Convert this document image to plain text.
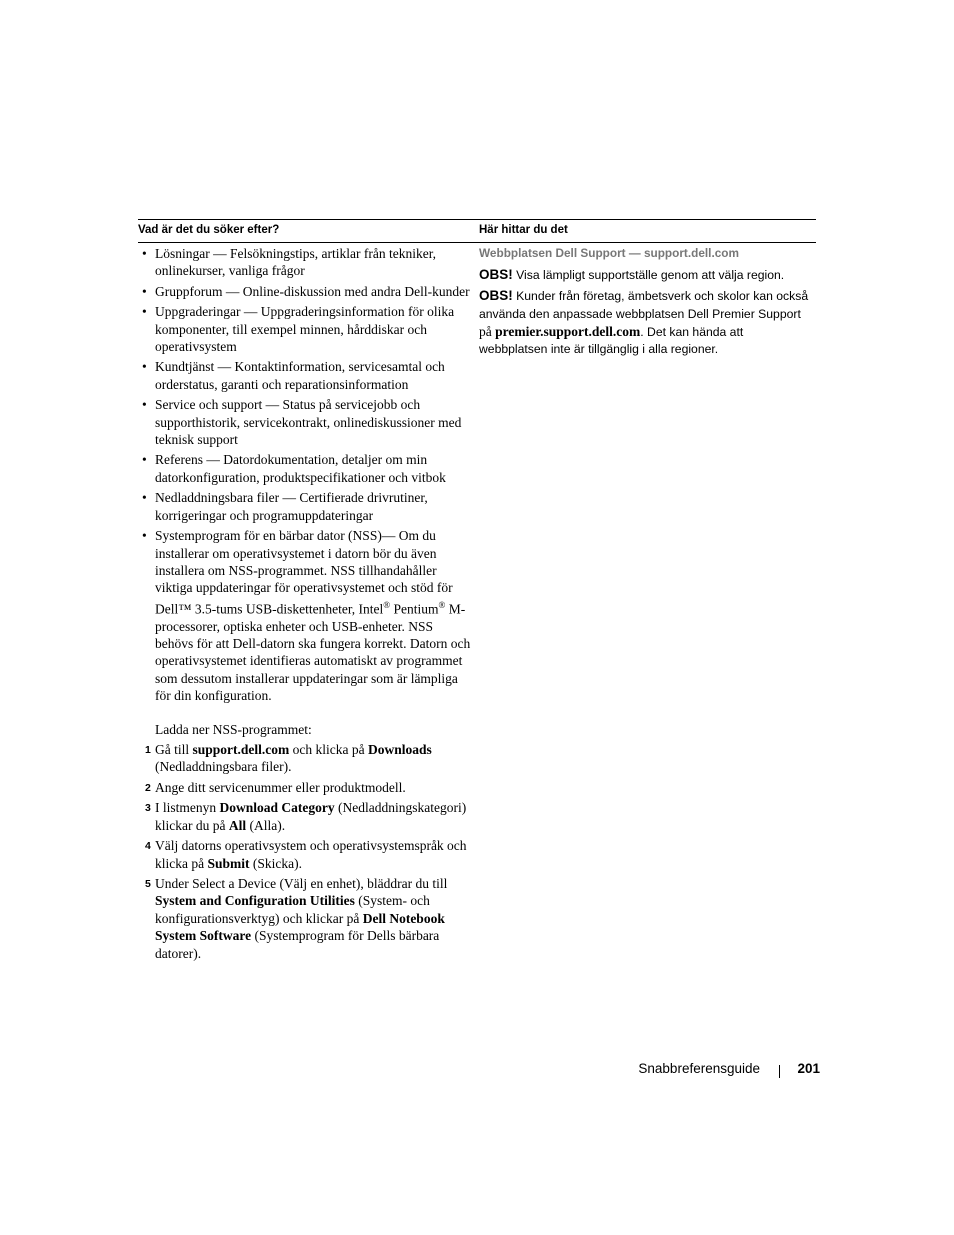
Vad är det du söker efter?	Här hittar du det
• Lösningar — Felsökningstips, artiklar från tekniker, onlinekurser, vanliga frågor
• Gruppforum — Online-diskussion med andra Dell-kunder
• Uppgraderingar — Uppgraderingsinformation för olika komponenter, till exempel minnen, hårddiskar och operativsystem
• Kundtjänst — Kontaktinformation, servicesamtal och orderstatus, garanti och reparationsinformation
• Service och support — Status på servicejobb och supporthistorik, servicekontrakt, onlinediskussioner med teknisk support
• Referens — Datordokumentation, detaljer om min datorkonfiguration, produktspecifikationer och vitbok
• Nedladdningsbara filer — Certifierade drivrutiner, korrigeringar och programuppdateringar
• Systemprogram för en bärbar dator (NSS)— Om du installerar om operativsystemet i datorn bör du även installera om NSS-programmet. NSS tillhandahåller viktiga uppdateringar för operativsystemet och stöd för Dell™ 3.5-tums USB-diskettenheter, Intel® Pentium® M-processorer, optiska enheter och USB-enheter. NSS behövs för att Dell-datorn ska fungera korrekt. Datorn och operativsystemet identifieras automatiskt av programmet som dessutom installerar uppdateringar som är lämpliga för din konfiguration.
Ladda ner NSS-programmet:
1 Gå till support.dell.com och klicka på Downloads (Nedladdningsbara filer).
2 Ange ditt servicenummer eller produktmodell.
3 I listmenyn Download Category (Nedladdningskategori) klickar du på All (Alla).
4 Välj datorns operativsystem och operativsystemspråk och klicka på Submit (Skicka).
5 Under Select a Device (Välj en enhet), bläddrar du till System and Configuration Utilities (System- och konfigurationsverktyg) och klickar på Dell Notebook System Software (Systemprogram för Dells bärbara datorer).
Webbplatsen Dell Support — support.dell.com
OBS! Visa lämpligt supportställe genom att välja region.
OBS! Kunder från företag, ämbetsverk och skolor kan också använda den anpassade webbplatsen Dell Premier Support på premier.support.dell.com. Det kan hända att webbplatsen inte är tillgänglig i alla regioner.
Snabbreferensguide	201
